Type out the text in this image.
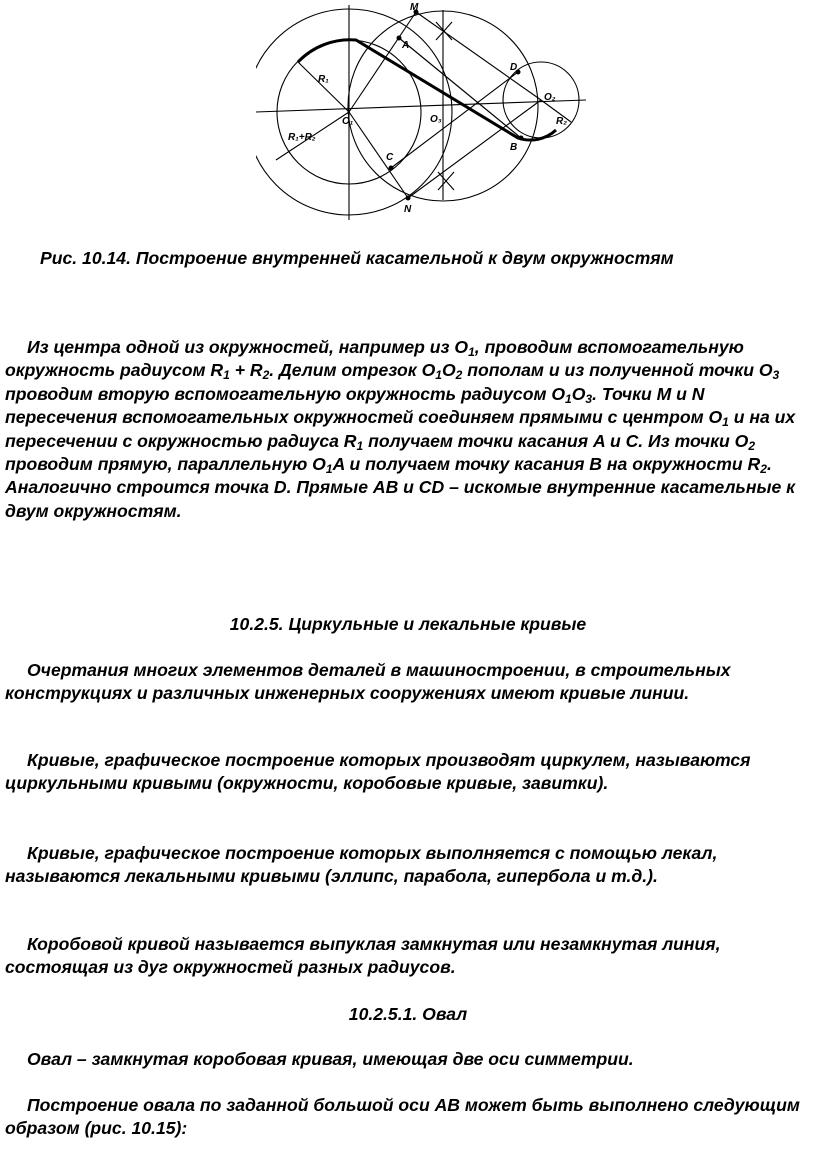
M
A
D
O₂
R₁
R₁+R₂
O₁	O₃
C
B
N
R₂
Рис. 10.14. Построение внутренней касательной к двум окружностям
Из центра одной из окружностей, например из $O_1$, проводим вспомогательную окружность радиусом $R_1 + R_2$. Делим отрезок $O_1O_2$ пополам и из полученной точки $O_3$ проводим вторую вспомогательную окружность радиусом $O_1O_3$. Точки M и N пересечения вспомогательных окружностей соединяем прямыми с центром $O_1$ и на их пересечении с окружностью радиуса $R_1$ получаем точки касания A и C. Из точки $O_2$ проводим прямую, параллельную $O_1A$ и получаем точку касания B на окружности $R_2$. Аналогично строится точка D. Прямые AB и CD – искомые внутренние касательные к двум окружностям.
10.2.5. Циркульные и лекальные кривые
Очертания многих элементов деталей в машиностроении, в строительных конструкциях и различных инженерных сооружениях имеют кривые линии.
Кривые, графическое построение которых производят циркулем, называются циркульными кривыми (окружности, коробовые кривые, завитки).
Кривые, графическое построение которых выполняется с помощью лекал, называются лекальными кривыми (эллипс, парабола, гипербола и т.д.).
Коробовой кривой называется выпуклая замкнутая или незамкнутая линия, состоящая из дуг окружностей разных радиусов.
10.2.5.1. Овал
Овал – замкнутая коробовая кривая, имеющая две оси симметрии.
Построение овала по заданной большой оси AB может быть выполнено следующим образом (рис. 10.15):
